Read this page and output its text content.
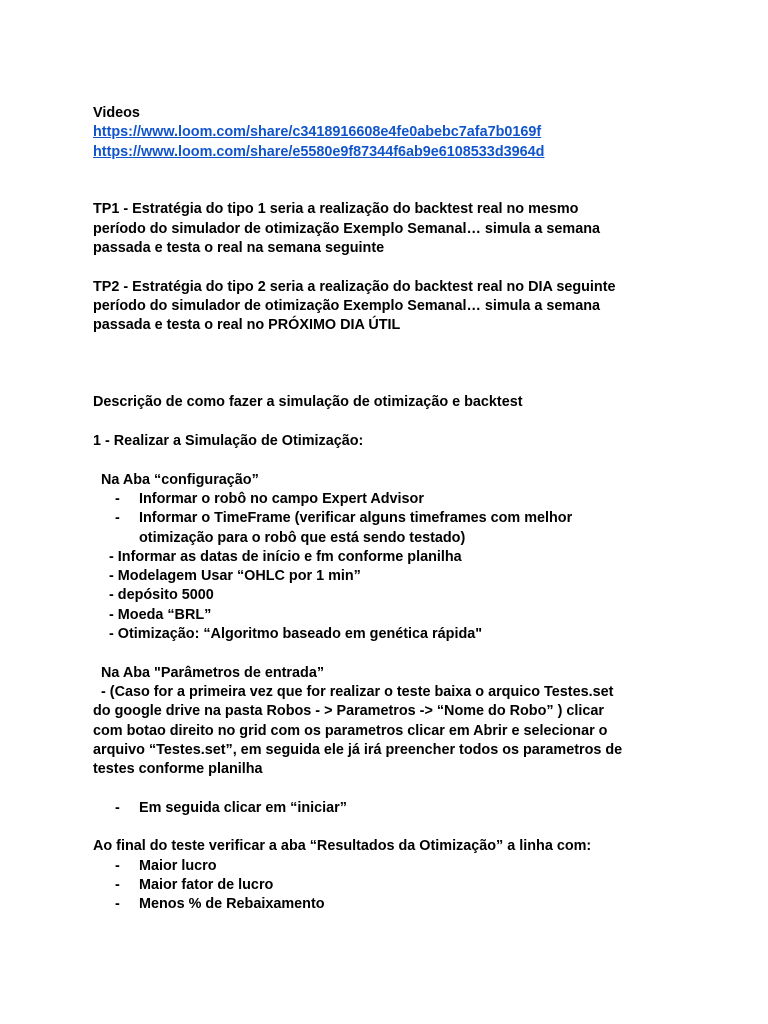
Videos
https://www.loom.com/share/c3418916608e4fe0abebc7afa7b0169f
https://www.loom.com/share/e5580e9f87344f6ab9e6108533d3964d
TP1 - Estratégia do tipo 1 seria a realização do backtest real no mesmo
período do simulador de otimização Exemplo Semanal… simula a semana
passada e testa o real na semana seguinte
TP2 - Estratégia do tipo 2 seria a realização do backtest real no DIA seguinte
período do simulador de otimização Exemplo Semanal… simula a semana
passada e testa o real no PRÓXIMO DIA ÚTIL
Descrição de como fazer a simulação de otimização e backtest
1 - Realizar a Simulação de Otimização:
Na Aba “configuração”
- Informar o robô no campo Expert Advisor
- Informar o TimeFrame (verificar alguns timeframes com melhor
otimização para o robô que está sendo testado)
- Informar as datas de início e fm conforme planilha
- Modelagem Usar “OHLC por 1 min”
- depósito 5000
- Moeda “BRL”
- Otimização: “Algoritmo baseado em genética rápida"
Na Aba "Parâmetros de entrada”
- (Caso for a primeira vez que for realizar o teste baixa o arquico Testes.set
do google drive na pasta Robos - > Parametros -> “Nome do Robo” ) clicar
com botao direito no grid com os parametros clicar em Abrir e selecionar o
arquivo “Testes.set”, em seguida ele já irá preencher todos os parametros de
testes conforme planilha
- Em seguida clicar em “iniciar”
Ao final do teste verificar a aba “Resultados da Otimização” a linha com:
- Maior lucro
- Maior fator de lucro
- Menos % de Rebaixamento
